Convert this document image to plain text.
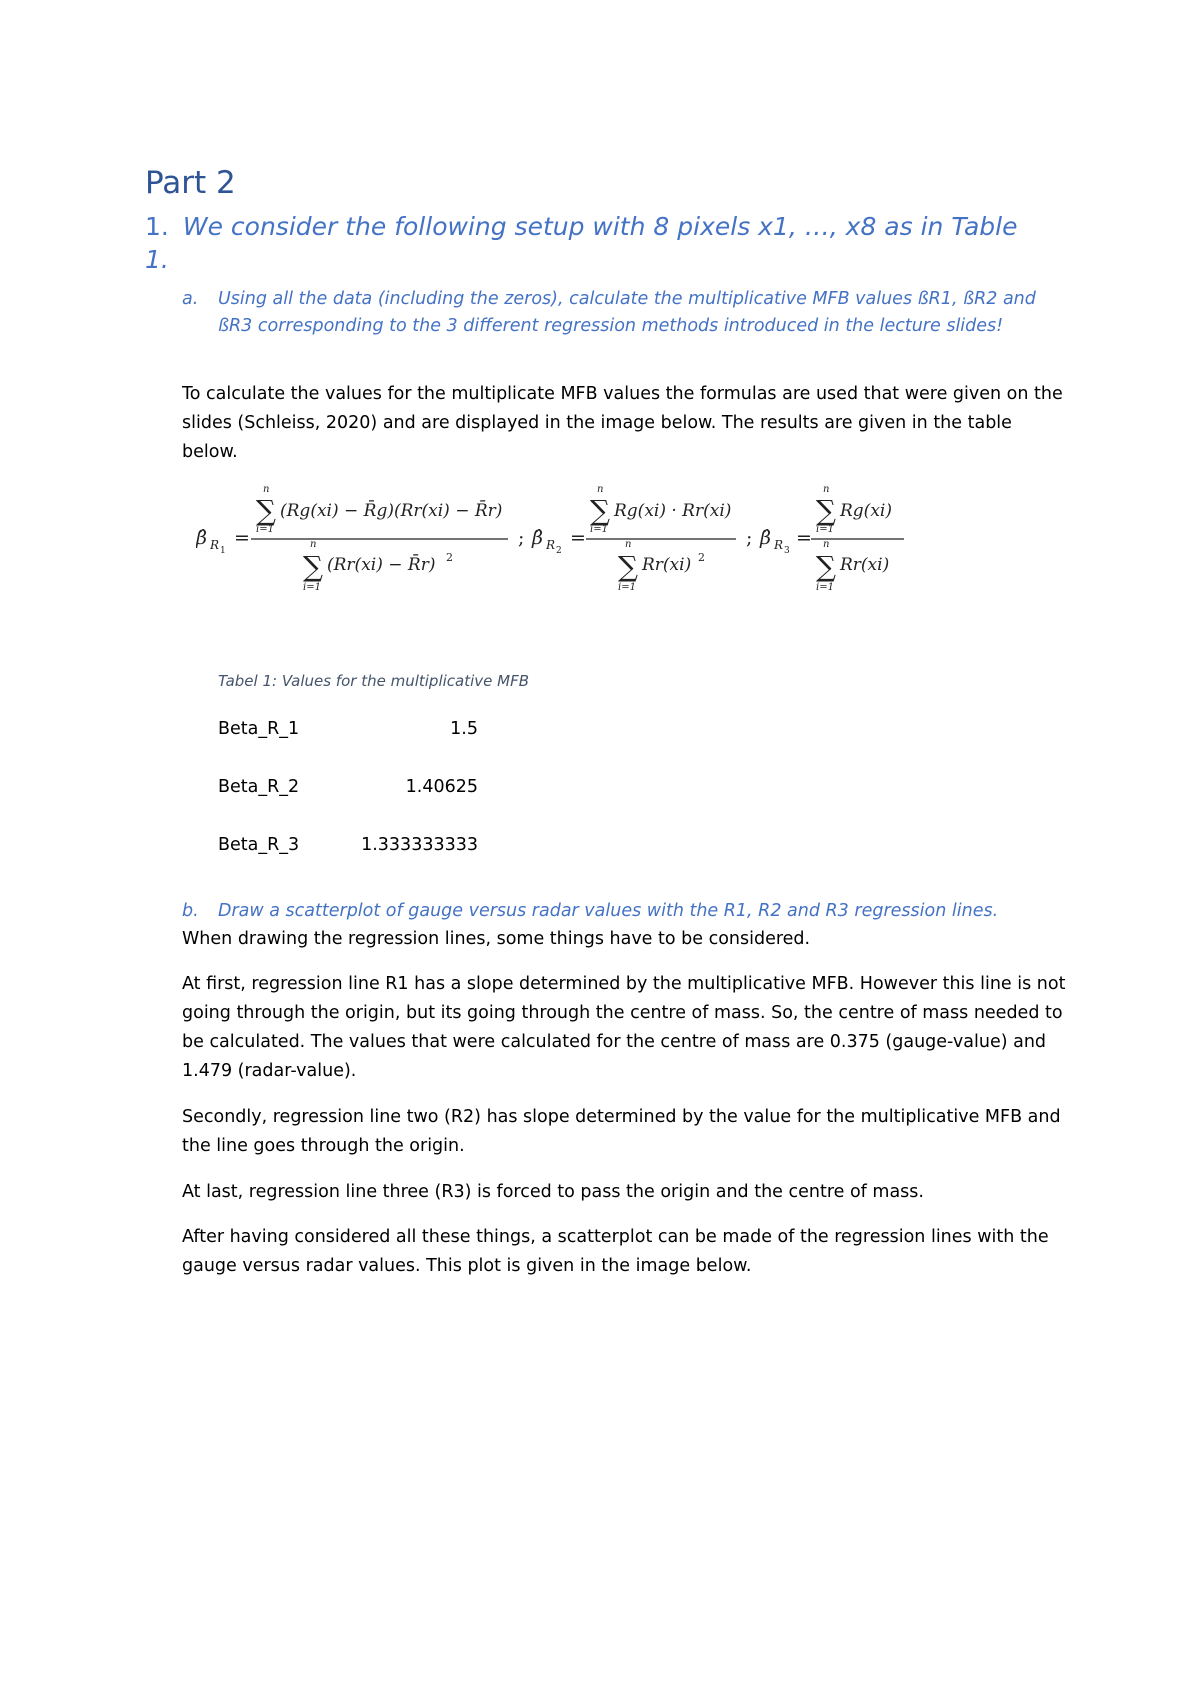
Part 2
1. We consider the following setup with 8 pixels x1, …, x8 as in Table 1.
a.	Using all the data (including the zeros), calculate the multiplicative MFB values ßR1, ßR2 and ßR3 corresponding to the 3 different regression methods introduced in the lecture slides!

To calculate the values for the multiplicate MFB values the formulas are used that were given on the slides (Schleiss, 2020) and are displayed in the image below. The results are given in the table below.

β̂ R 1
=
n
∑
i=1
(Rg(xi) − R̄g)(Rr(xi) − R̄r)
n
∑
i=1
(Rr(xi) − R̄r) 2
; β̂ R 2
=
n
∑
i=1
Rg(xi) · Rr(xi)
n
∑
i=1
Rr(xi) 2
; β̂ R 3
=
n
∑
i=1
Rg(xi)
n
∑
i=1
Rr(xi)
Tabel 1: Values for the multiplicative MFB
Beta_R_1	1.5
Beta_R_2	1.40625
Beta_R_3	1.333333333
b.	Draw a scatterplot of gauge versus radar values with the R1, R2 and R3 regression lines.

When drawing the regression lines, some things have to be considered.

At first, regression line R1 has a slope determined by the multiplicative MFB. However this line is not going through the origin, but its going through the centre of mass. So, the centre of mass needed to be calculated. The values that were calculated for the centre of mass are 0.375 (gauge-value) and 1.479 (radar-value).

Secondly, regression line two (R2) has slope determined by the value for the multiplicative MFB and the line goes through the origin.

At last, regression line three (R3) is forced to pass the origin and the centre of mass.

After having considered all these things, a scatterplot can be made of the regression lines with the gauge versus radar values. This plot is given in the image below.
